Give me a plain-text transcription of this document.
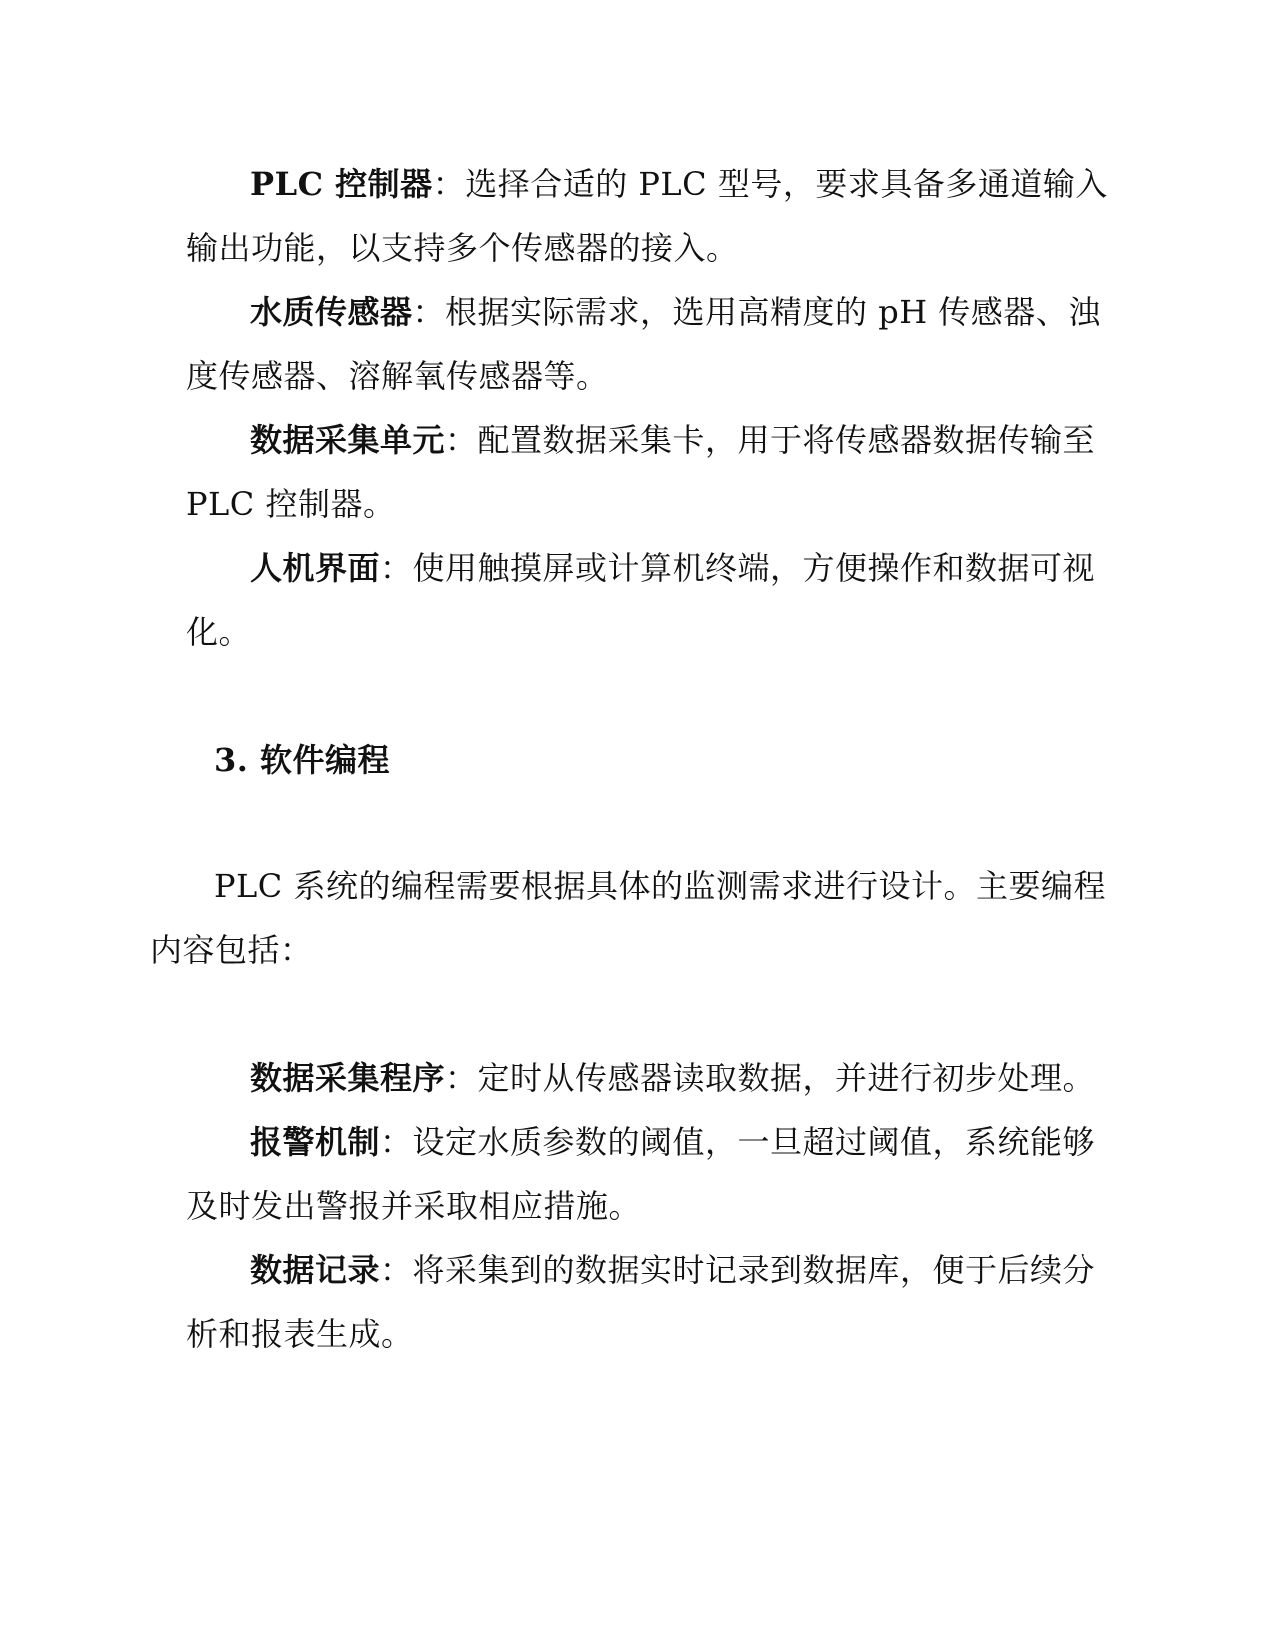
PLC 控制器：选择合适的 PLC 型号，要求具备多通道输入
输出功能，以支持多个传感器的接入。
水质传感器：根据实际需求，选用高精度的 pH 传感器、浊
度传感器、溶解氧传感器等。
数据采集单元：配置数据采集卡，用于将传感器数据传输至
PLC 控制器。
人机界面：使用触摸屏或计算机终端，方便操作和数据可视
化。
3. 软件编程
PLC 系统的编程需要根据具体的监测需求进行设计。主要编程
内容包括：
数据采集程序：定时从传感器读取数据，并进行初步处理。
报警机制：设定水质参数的阈值，一旦超过阈值，系统能够
及时发出警报并采取相应措施。
数据记录：将采集到的数据实时记录到数据库，便于后续分
析和报表生成。
